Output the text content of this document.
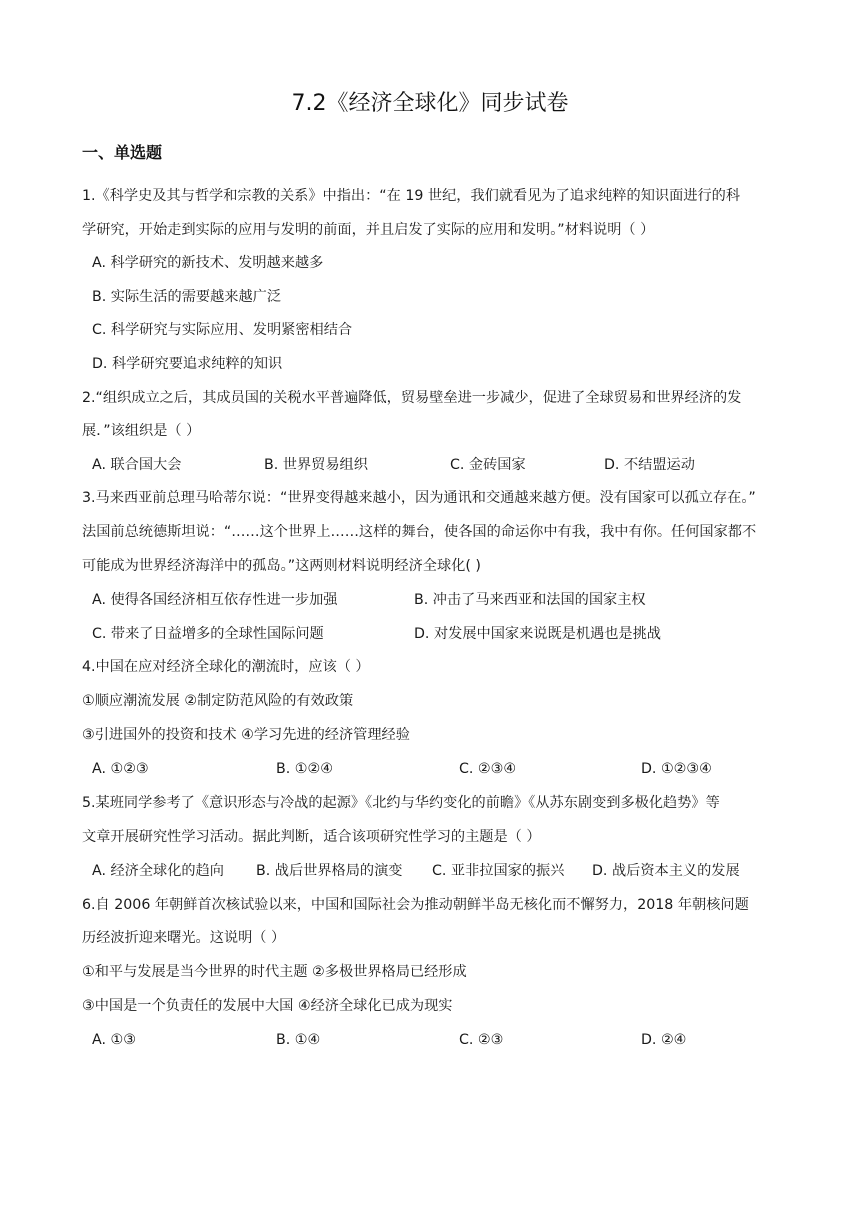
7.2《经济全球化》同步试卷
一、单选题
1.《科学史及其与哲学和宗教的关系》中指出：“在 19 世纪，我们就看见为了追求纯粹的知识面进行的科
学研究，开始走到实际的应用与发明的前面，并且启发了实际的应用和发明。”材料说明（ ）
A. 科学研究的新技术、发明越来越多
B. 实际生活的需要越来越广泛
C. 科学研究与实际应用、发明紧密相结合
D. 科学研究要追求纯粹的知识
2.“组织成立之后，其成员国的关税水平普遍降低，贸易壁垒进一步减少，促进了全球贸易和世界经济的发
展．”该组织是（ ）
A. 联合国大会	B. 世界贸易组织	C. 金砖国家	D. 不结盟运动
3.马来西亚前总理马哈蒂尔说：“世界变得越来越小，因为通讯和交通越来越方便。没有国家可以孤立存在。”
法国前总统德斯坦说：“……这个世界上……这样的舞台，使各国的命运你中有我，我中有你。任何国家都不
可能成为世界经济海洋中的孤岛。”这两则材料说明经济全球化( )
A. 使得各国经济相互依存性进一步加强	B. 冲击了马来西亚和法国的国家主权
C. 带来了日益增多的全球性国际问题	D. 对发展中国家来说既是机遇也是挑战
4.中国在应对经济全球化的潮流时，应该（ ）
①顺应潮流发展 ②制定防范风险的有效政策
③引进国外的投资和技术 ④学习先进的经济管理经验
A. ①②③	B. ①②④	C. ②③④	D. ①②③④
5.某班同学参考了《意识形态与冷战的起源》《北约与华约变化的前瞻》《从苏东剧变到多极化趋势》等
文章开展研究性学习活动。据此判断，适合该项研究性学习的主题是（ ）
A. 经济全球化的趋向 B. 战后世界格局的演变 C. 亚非拉国家的振兴 D. 战后资本主义的发展
6.自 2006 年朝鲜首次核试验以来，中国和国际社会为推动朝鲜半岛无核化而不懈努力，2018 年朝核问题
历经波折迎来曙光。这说明（ ）
①和平与发展是当今世界的时代主题 ②多极世界格局已经形成
③中国是一个负责任的发展中大国 ④经济全球化已成为现实
A. ①③	B. ①④	C. ②③	D. ②④
